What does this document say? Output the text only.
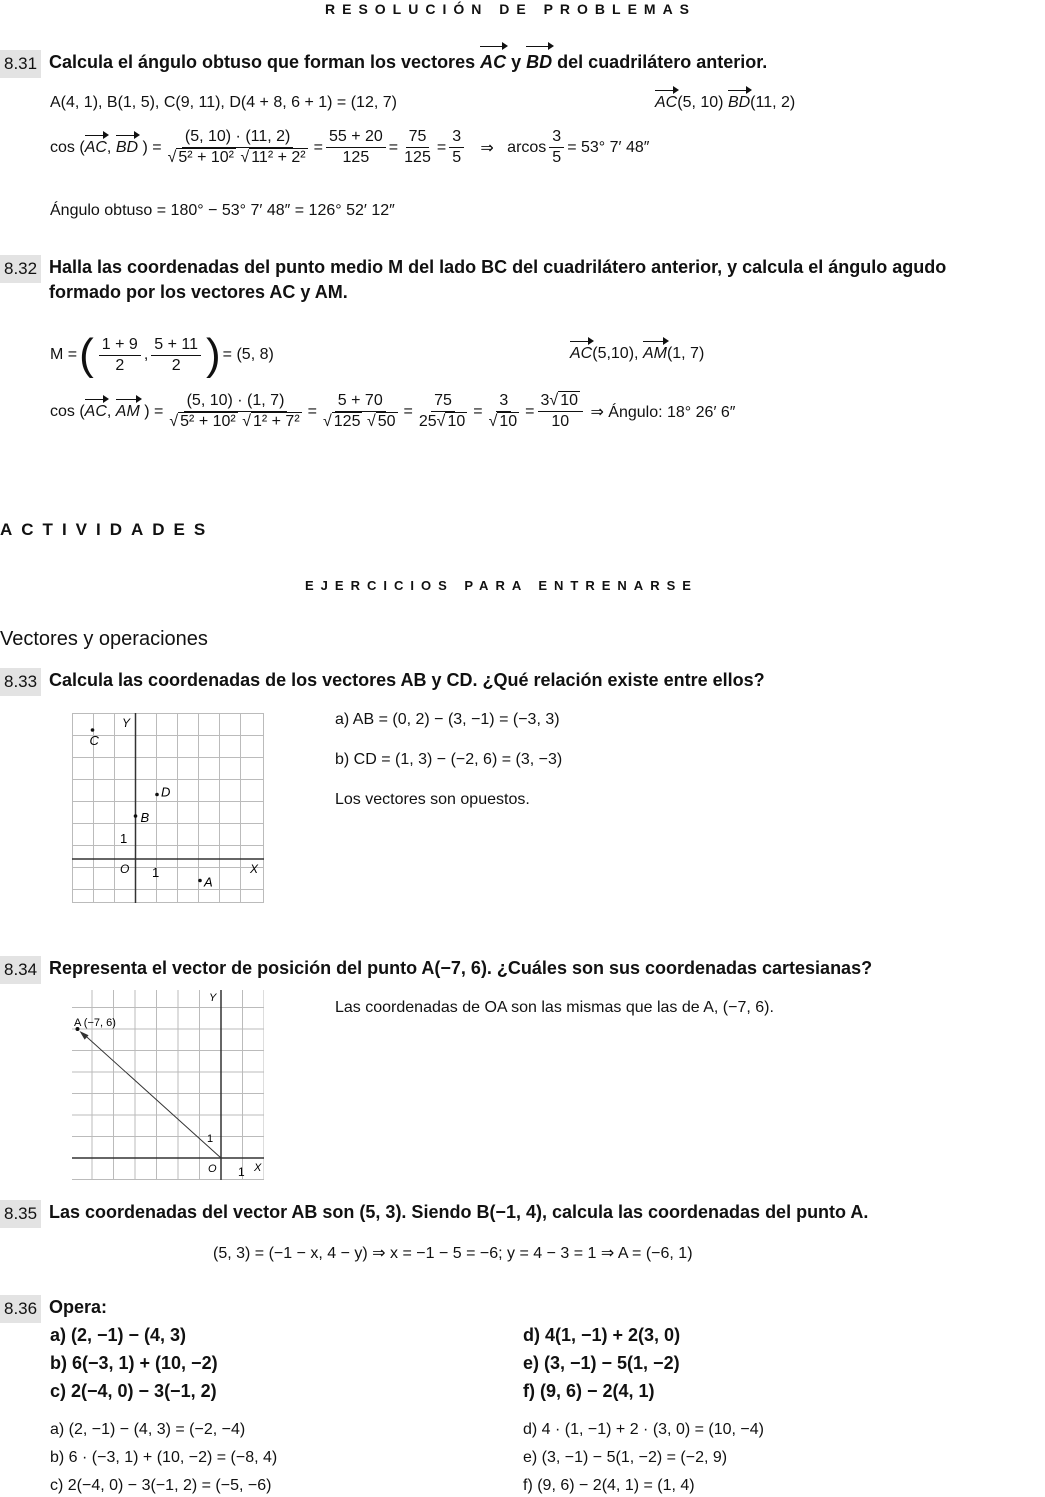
RESOLUCIÓN DE PROBLEMAS
8.31 Calcula el ángulo obtuso que forman los vectores AC y BD del cuadrilátero anterior.
A(4, 1), B(1, 5), C(9, 11), D(4 + 8, 6 + 1) = (12, 7)	AC(5, 10) BD(11, 2)
cos ( AC , BD ) = (5, 10) · (11, 2)
√ 5² + 10² √ $11^2 + 2^2 = \frac{55 + 20}{125} = \frac{75}{125} = \frac{3}{5}$ ⇒ arcos $\frac{3}{5} = 53^\circ$ 7′ 48″
Ángulo obtuso = 180° − 53° 7′ 48″ = 126° 52′ 12″
8.32 Halla las coordenadas del punto medio M del lado BC del cuadrilátero anterior, y calcula el ángulo agudo
formado por los vectores AC y AM.
M = ( $\frac{1 + 9}{2}$ , $\frac{5 + 11}{2}$ ) = (5, 8)	AC(5,10), AM(1, 7)
cos ( AC , AM ) = (5, 10) · (1, 7)
√ 5² + 10² √ 1² + 7² = 5 + 70
√ 125 √ $50 = \frac{75}{25 √ 10} = 3$
√ $10 = \frac{3 √ 10}{10}$
⇒ Ángulo: 18° 26′ 6″
ACTIVIDADES
EJERCICIOS PARA ENTRENARSE
Vectores y operaciones
8.33 Calcula las coordenadas de los vectores AB y CD. ¿Qué relación existe entre ellos?
C
D
B
A
O 1
1
X
Y	a) AB = (0, 2) − (3, −1) = (−3, 3)
b) CD = (1, 3) − (−2, 6) = (3, −3)
Los vectores son opuestos.
8.34 Representa el vector de posición del punto A(−7, 6). ¿Cuáles son sus coordenadas cartesianas?
A (−7, 6)
O 1
1
X
Y
Las coordenadas de OA son las mismas que las de A, (−7, 6).
8.35 Las coordenadas del vector AB son (5, 3). Siendo B(−1, 4), calcula las coordenadas del punto A.
(5, 3) = (−1 − x, 4 − y) ⇒ x = −1 − 5 = −6; y = 4 − 3 = 1 ⇒ A = (−6, 1)
8.36 Opera:
a) (2, −1) − (4, 3)
b) 6(−3, 1) + (10, −2)
c) 2(−4, 0) − 3(−1, 2)
d) 4(1, −1) + 2(3, 0)
e) (3, −1) − 5(1, −2)
f) (9, 6) − 2(4, 1)
a) (2, −1) − (4, 3) = (−2, −4)
b) 6 · (−3, 1) + (10, −2) = (−8, 4)
c) 2(−4, 0) − 3(−1, 2) = (−5, −6)
d) 4 · (1, −1) + 2 · (3, 0) = (10, −4)
e) (3, −1) − 5(1, −2) = (−2, 9)
f) (9, 6) − 2(4, 1) = (1, 4)
